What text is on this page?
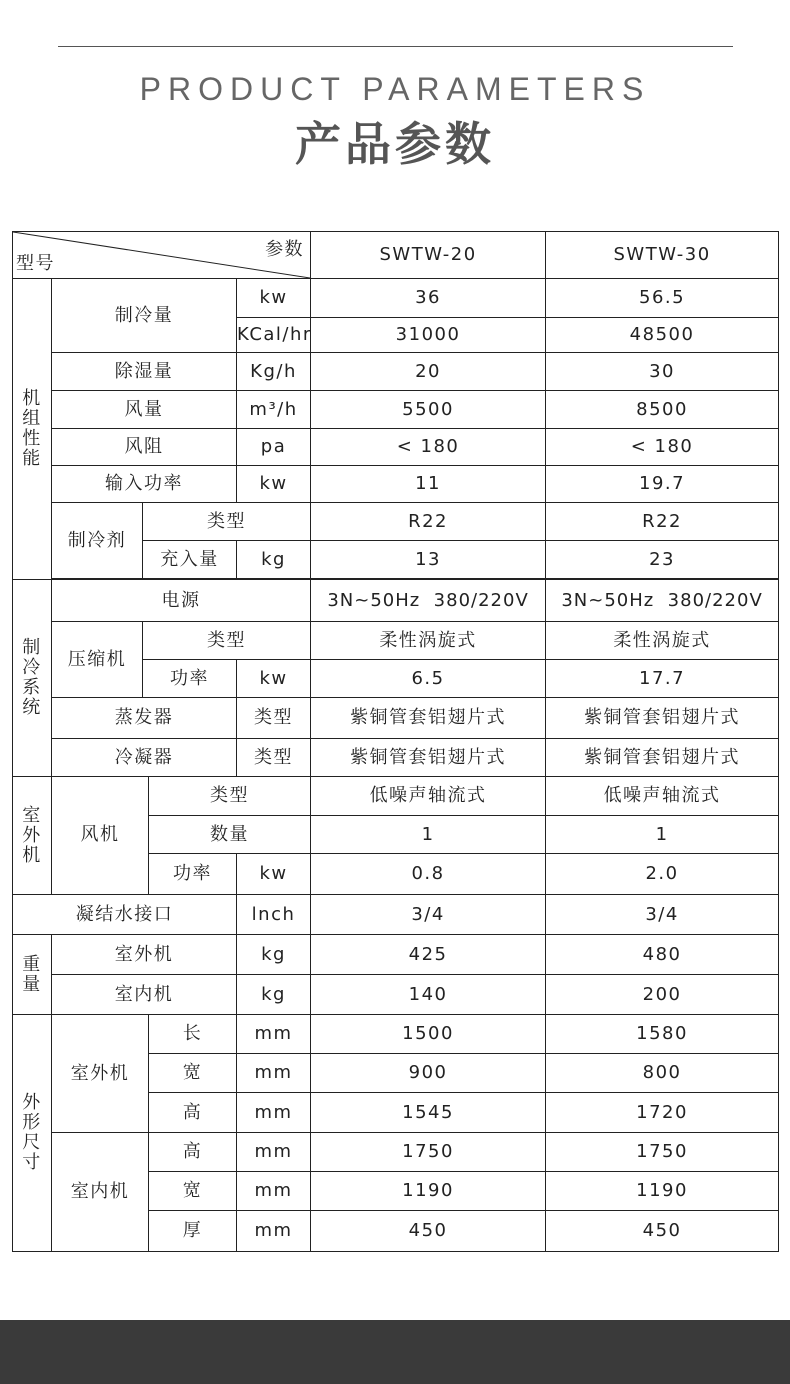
PRODUCT PARAMETERS
产品参数
型号
参数					SWTW-20	SWTW-30

机组性能	制冷量			kw	36	56.5
				KCal/hr	31000	48500
	除湿量			Kg/h	20	30
	风量			m³/h	5500	8500
	风阻			pa	< 180	< 180
	输入功率			kw	11	19.7
	制冷剂	类型			R22	R22
		充入量		kg	13	23

制冷系统	电源				3N~50Hz  380/220V	3N~50Hz  380/220V
	压缩机	类型			柔性涡旋式	柔性涡旋式
		功率		kw	6.5	17.7
	蒸发器			类型	紫铜管套铝翅片式	紫铜管套铝翅片式
	冷凝器			类型	紫铜管套铝翅片式	紫铜管套铝翅片式

室外机			类型		低噪声轴流式	低噪声轴流式
	风机		数量		1	1
			功率	kw	0.8	2.0
凝结水接口				lnch	3/4	3/4

重量	室外机			kg	425	480
	室内机			kg	140	200

外形尺寸	室外机		长	mm	1500	1580
			宽	mm	900	800
			高	mm	1545	1720
	室内机		高	mm	1750	1750
			宽	mm	1190	1190
			厚	mm	450	450
